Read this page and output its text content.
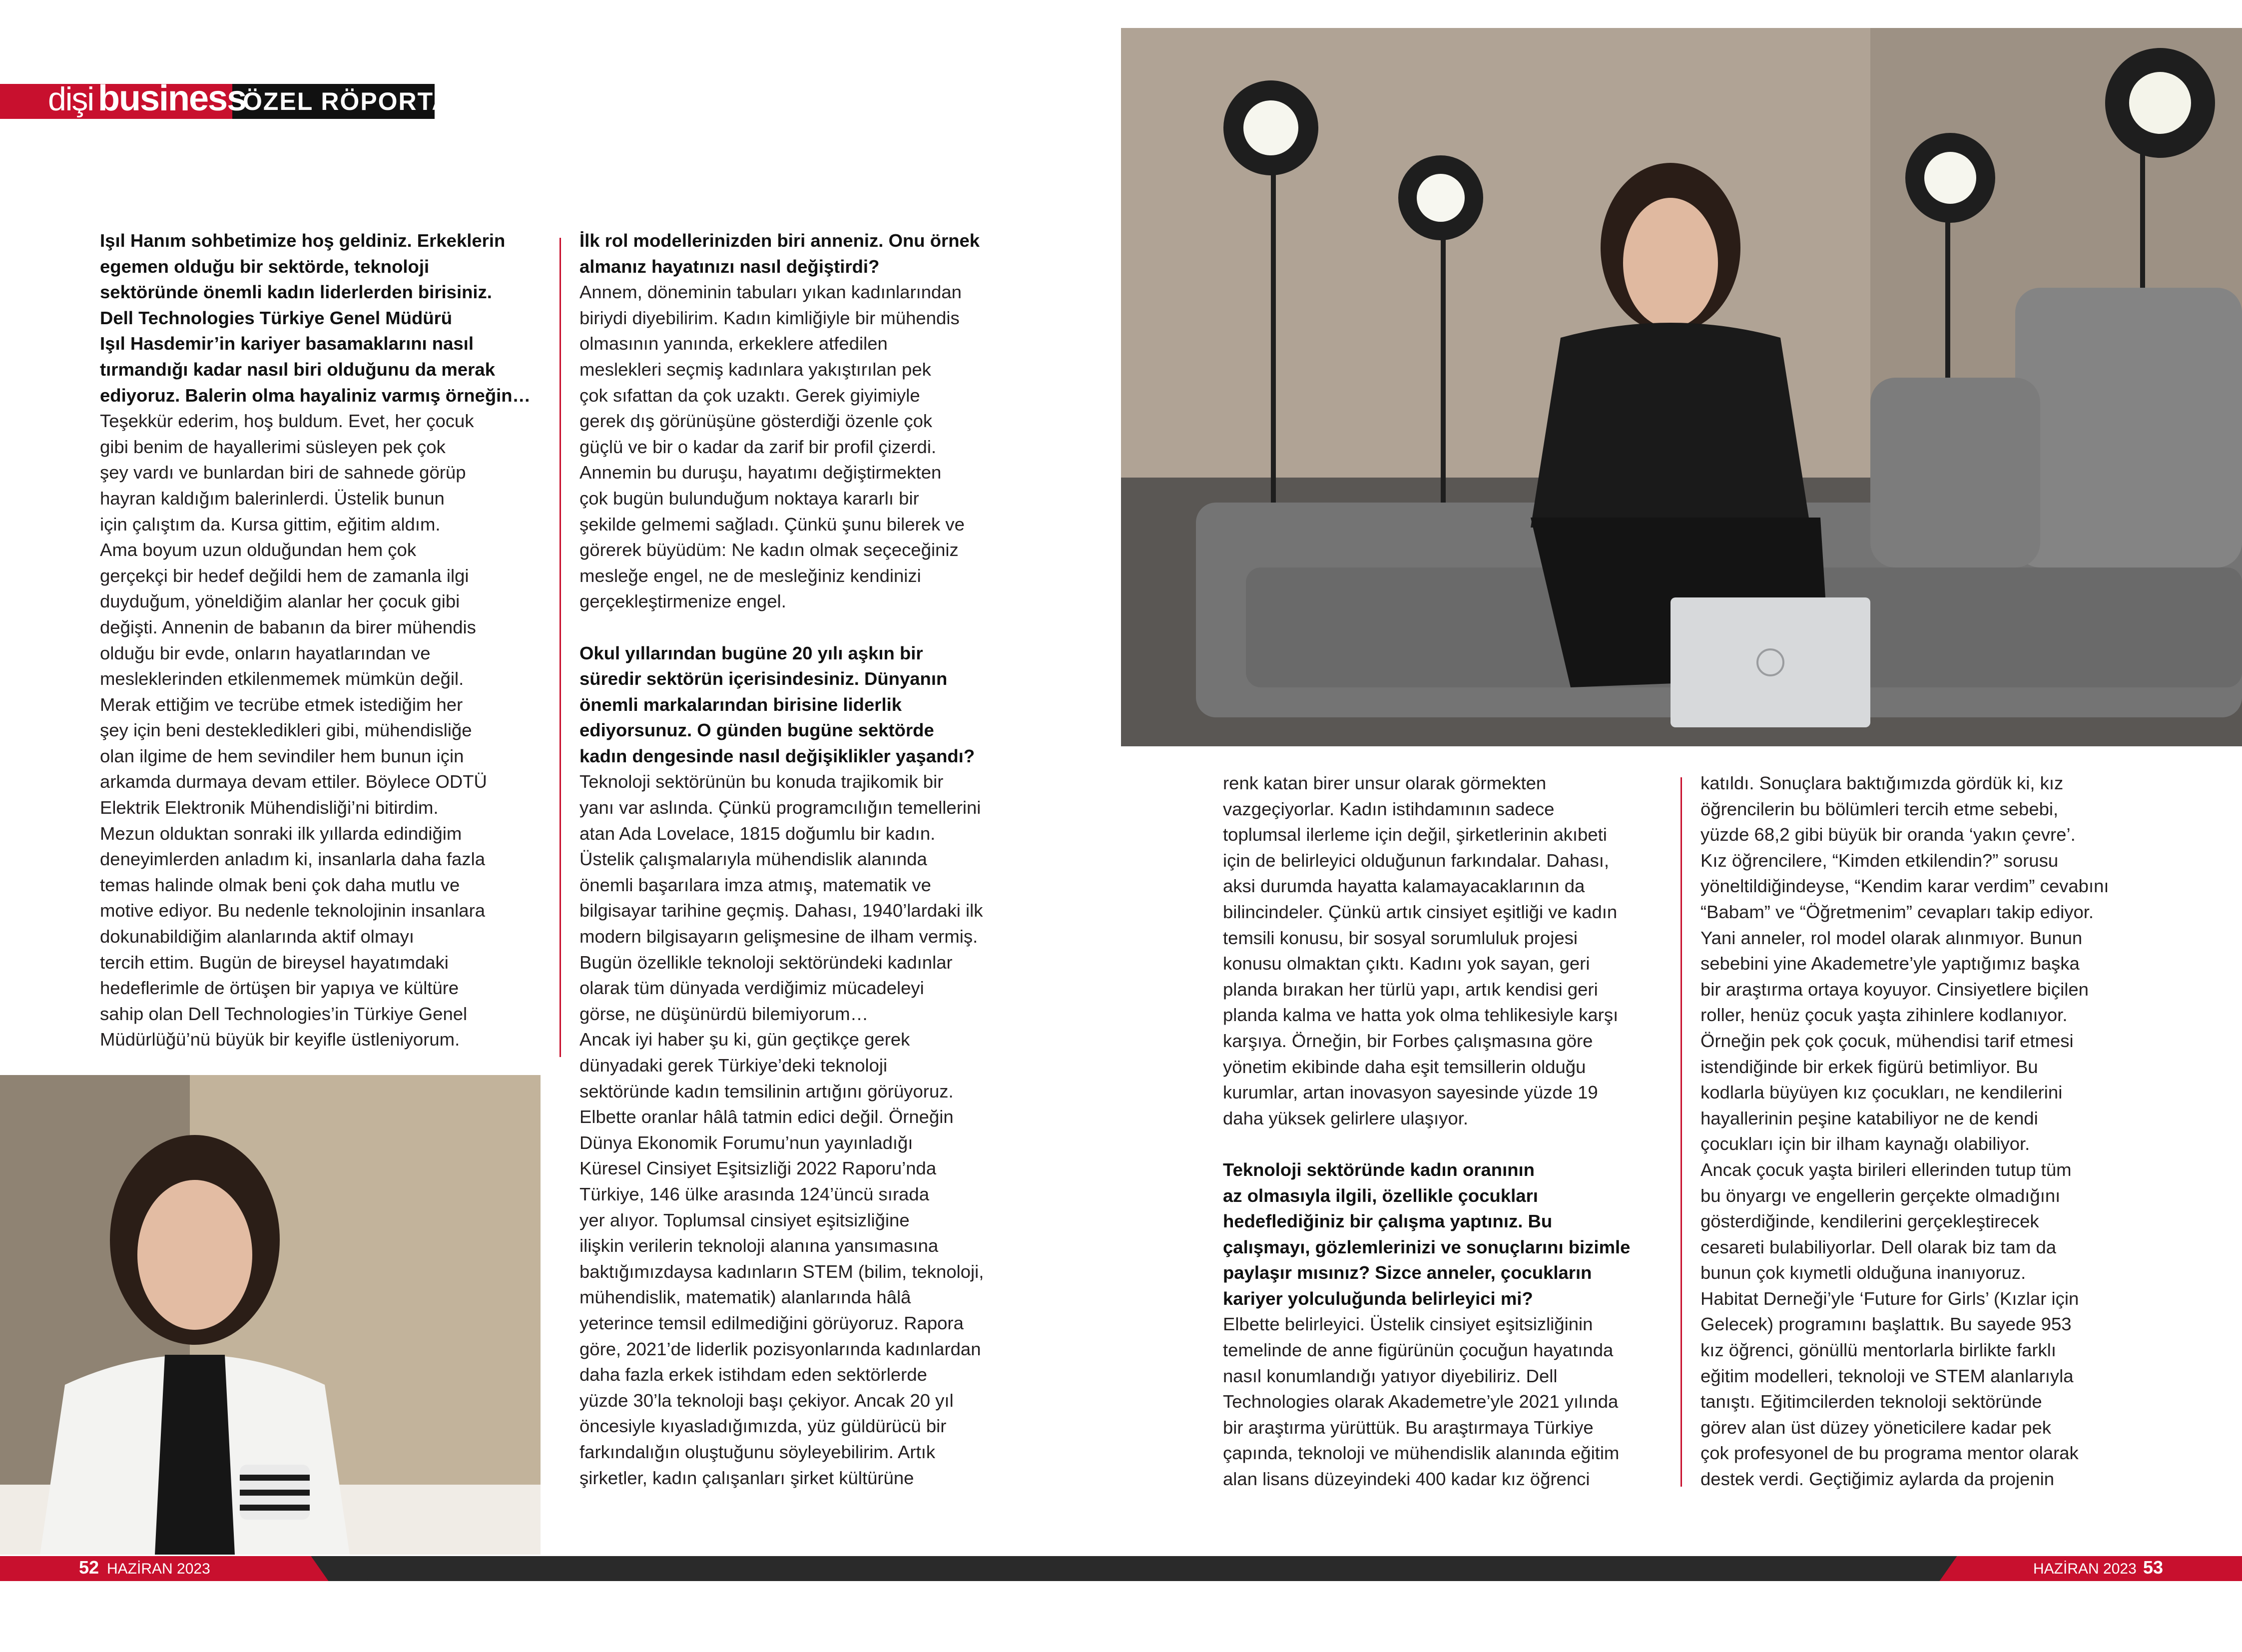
dişi business
ÖZEL RÖPORTAJ

Işıl Hanım sohbetimize hoş geldiniz. Erkeklerin

egemen olduğu bir sektörde, teknoloji

sektöründe önemli kadın liderlerden birisiniz.

Dell Technologies Türkiye Genel Müdürü

Işıl Hasdemir’in kariyer basamaklarını nasıl

tırmandığı kadar nasıl biri olduğunu da merak

ediyoruz. Balerin olma hayaliniz varmış örneğin…

Teşekkür ederim, hoş buldum. Evet, her çocuk

gibi benim de hayallerimi süsleyen pek çok

şey vardı ve bunlardan biri de sahnede görüp

hayran kaldığım balerinlerdi. Üstelik bunun

için çalıştım da. Kursa gittim, eğitim aldım.

Ama boyum uzun olduğundan hem çok

gerçekçi bir hedef değildi hem de zamanla ilgi

duyduğum, yöneldiğim alanlar her çocuk gibi

değişti. Annenin de babanın da birer mühendis

olduğu bir evde, onların hayatlarından ve

mesleklerinden etkilenmemek mümkün değil.

Merak ettiğim ve tecrübe etmek istediğim her

şey için beni destekledikleri gibi, mühendisliğe

olan ilgime de hem sevindiler hem bunun için

arkamda durmaya devam ettiler. Böylece ODTÜ

Elektrik Elektronik Mühendisliği’ni bitirdim.

Mezun olduktan sonraki ilk yıllarda edindiğim

deneyimlerden anladım ki, insanlarla daha fazla

temas halinde olmak beni çok daha mutlu ve

motive ediyor. Bu nedenle teknolojinin insanlara

dokunabildiğim alanlarında aktif olmayı

tercih ettim. Bugün de bireysel hayatımdaki

hedeflerimle de örtüşen bir yapıya ve kültüre

sahip olan Dell Technologies’in Türkiye Genel

Müdürlüğü’nü büyük bir keyifle üstleniyorum.

İlk rol modellerinizden biri anneniz. Onu örnek

almanız hayatınızı nasıl değiştirdi?

Annem, döneminin tabuları yıkan kadınlarından

biriydi diyebilirim. Kadın kimliğiyle bir mühendis

olmasının yanında, erkeklere atfedilen

meslekleri seçmiş kadınlara yakıştırılan pek

çok sıfattan da çok uzaktı. Gerek giyimiyle

gerek dış görünüşüne gösterdiği özenle çok

güçlü ve bir o kadar da zarif bir profil çizerdi.

Annemin bu duruşu, hayatımı değiştirmekten

çok bugün bulunduğum noktaya kararlı bir

şekilde gelmemi sağladı. Çünkü şunu bilerek ve

görerek büyüdüm: Ne kadın olmak seçeceğiniz

mesleğe engel, ne de mesleğiniz kendinizi

gerçekleştirmenize engel.

Okul yıllarından bugüne 20 yılı aşkın bir

süredir sektörün içerisindesiniz. Dünyanın

önemli markalarından birisine liderlik

ediyorsunuz. O günden bugüne sektörde

kadın dengesinde nasıl değişiklikler yaşandı?

Teknoloji sektörünün bu konuda trajikomik bir

yanı var aslında. Çünkü programcılığın temellerini

atan Ada Lovelace, 1815 doğumlu bir kadın.

Üstelik çalışmalarıyla mühendislik alanında

önemli başarılara imza atmış, matematik ve

bilgisayar tarihine geçmiş. Dahası, 1940’lardaki ilk

modern bilgisayarın gelişmesine de ilham vermiş.

Bugün özellikle teknoloji sektöründeki kadınlar

olarak tüm dünyada verdiğimiz mücadeleyi

görse, ne düşünürdü bilemiyorum…

Ancak iyi haber şu ki, gün geçtikçe gerek

dünyadaki gerek Türkiye’deki teknoloji

sektöründe kadın temsilinin artığını görüyoruz.

Elbette oranlar hâlâ tatmin edici değil. Örneğin

Dünya Ekonomik Forumu’nun yayınladığı

Küresel Cinsiyet Eşitsizliği 2022 Raporu’nda

Türkiye, 146 ülke arasında 124’üncü sırada

yer alıyor. Toplumsal cinsiyet eşitsizliğine

ilişkin verilerin teknoloji alanına yansımasına

baktığımızdaysa kadınların STEM (bilim, teknoloji,

mühendislik, matematik) alanlarında hâlâ

yeterince temsil edilmediğini görüyoruz. Rapora

göre, 2021’de liderlik pozisyonlarında kadınlardan

daha fazla erkek istihdam eden sektörlerde

yüzde 30’la teknoloji başı çekiyor. Ancak 20 yıl

öncesiyle kıyasladığımızda, yüz güldürücü bir

farkındalığın oluştuğunu söyleyebilirim. Artık

şirketler, kadın çalışanları şirket kültürüne

renk katan birer unsur olarak görmekten

vazgeçiyorlar. Kadın istihdamının sadece

toplumsal ilerleme için değil, şirketlerinin akıbeti

için de belirleyici olduğunun farkındalar. Dahası,

aksi durumda hayatta kalamayacaklarının da

bilincindeler. Çünkü artık cinsiyet eşitliği ve kadın

temsili konusu, bir sosyal sorumluluk projesi

konusu olmaktan çıktı. Kadını yok sayan, geri

planda bırakan her türlü yapı, artık kendisi geri

planda kalma ve hatta yok olma tehlikesiyle karşı

karşıya. Örneğin, bir Forbes çalışmasına göre

yönetim ekibinde daha eşit temsillerin olduğu

kurumlar, artan inovasyon sayesinde yüzde 19

daha yüksek gelirlere ulaşıyor.

Teknoloji sektöründe kadın oranının

az olmasıyla ilgili, özellikle çocukları

hedeflediğiniz bir çalışma yaptınız. Bu

çalışmayı, gözlemlerinizi ve sonuçlarını bizimle

paylaşır mısınız? Sizce anneler, çocukların

kariyer yolculuğunda belirleyici mi?

Elbette belirleyici. Üstelik cinsiyet eşitsizliğinin

temelinde de anne figürünün çocuğun hayatında

nasıl konumlandığı yatıyor diyebiliriz. Dell

Technologies olarak Akademetre’yle 2021 yılında

bir araştırma yürüttük. Bu araştırmaya Türkiye

çapında, teknoloji ve mühendislik alanında eğitim

alan lisans düzeyindeki 400 kadar kız öğrenci

katıldı. Sonuçlara baktığımızda gördük ki, kız

öğrencilerin bu bölümleri tercih etme sebebi,

yüzde 68,2 gibi büyük bir oranda ‘yakın çevre’.

Kız öğrencilere, “Kimden etkilendin?” sorusu

yöneltildiğindeyse, “Kendim karar verdim” cevabını

“Babam” ve “Öğretmenim” cevapları takip ediyor.

Yani anneler, rol model olarak alınmıyor. Bunun

sebebini yine Akademetre’yle yaptığımız başka

bir araştırma ortaya koyuyor. Cinsiyetlere biçilen

roller, henüz çocuk yaşta zihinlere kodlanıyor.

Örneğin pek çok çocuk, mühendisi tarif etmesi

istendiğinde bir erkek figürü betimliyor. Bu

kodlarla büyüyen kız çocukları, ne kendilerini

hayallerinin peşine katabiliyor ne de kendi

çocukları için bir ilham kaynağı olabiliyor.

Ancak çocuk yaşta birileri ellerinden tutup tüm

bu önyargı ve engellerin gerçekte olmadığını

gösterdiğinde, kendilerini gerçekleştirecek

cesareti bulabiliyorlar. Dell olarak biz tam da

bunun çok kıymetli olduğuna inanıyoruz.

Habitat Derneği’yle ‘Future for Girls’ (Kızlar için

Gelecek) programını başlattık. Bu sayede 953

kız öğrenci, gönüllü mentorlarla birlikte farklı

eğitim modelleri, teknoloji ve STEM alanlarıyla

tanıştı. Eğitimcilerden teknoloji sektöründe

görev alan üst düzey yöneticilere kadar pek

çok profesyonel de bu programa mentor olarak

destek verdi. Geçtiğimiz aylarda da projenin

52 HAZİRAN 2023	HAZİRAN 2023 53
